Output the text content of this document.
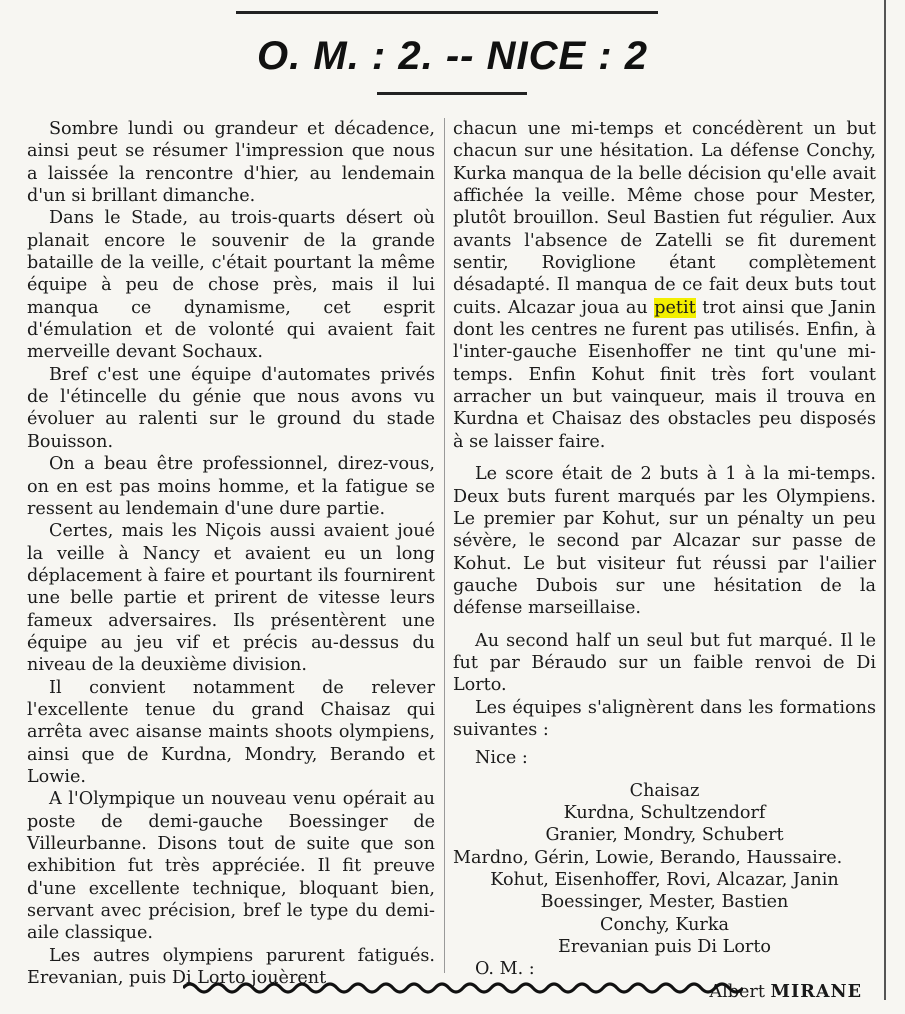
O. M. : 2. -- NICE : 2

Sombre lundi ou grandeur et décadence, ainsi peut se résumer l'impression que nous a laissée la rencontre d'hier, au lendemain d'un si brillant dimanche.

Dans le Stade, au trois-quarts désert où planait encore le souvenir de la grande bataille de la veille, c'était pourtant la même équipe à peu de chose près, mais il lui manqua ce dynamisme, cet esprit d'émulation et de volonté qui avaient fait merveille devant Sochaux.

Bref c'est une équipe d'automates privés de l'étincelle du génie que nous avons vu évoluer au ralenti sur le ground du stade Bouisson.

On a beau être professionnel, direz-vous, on en est pas moins homme, et la fatigue se ressent au lendemain d'une dure partie.

Certes, mais les Niçois aussi avaient joué la veille à Nancy et avaient eu un long déplacement à faire et pourtant ils fournirent une belle partie et prirent de vitesse leurs fameux adversaires. Ils présentèrent une équipe au jeu vif et précis au-dessus du niveau de la deuxième division.

Il convient notamment de relever l'excellente tenue du grand Chaisaz qui arrêta avec aisanse maints shoots olympiens, ainsi que de Kurdna, Mondry, Berando et Lowie.

A l'Olympique un nouveau venu opérait au poste de demi-gauche Boessinger de Villeurbanne. Disons tout de suite que son exhibition fut très appréciée. Il fit preuve d'une excellente technique, bloquant bien, servant avec précision, bref le type du demi-aile classique.

Les autres olympiens parurent fatigués. Erevanian, puis Di Lorto jouèrent

chacun une mi-temps et concédèrent un but chacun sur une hésitation. La défense Conchy, Kurka manqua de la belle décision qu'elle avait affichée la veille. Même chose pour Mester, plutôt brouillon. Seul Bastien fut régulier. Aux avants l'absence de Zatelli se fit durement sentir, Roviglione étant complètement désadapté. Il manqua de ce fait deux buts tout cuits. Alcazar joua au petit trot ainsi que Janin dont les centres ne furent pas utilisés. Enfin, à l'inter-gauche Eisenhoffer ne tint qu'une mi-temps. Enfin Kohut finit très fort voulant arracher un but vainqueur, mais il trouva en Kurdna et Chaisaz des obstacles peu disposés à se laisser faire.

Le score était de 2 buts à 1 à la mi-temps. Deux buts furent marqués par les Olympiens. Le premier par Kohut, sur un pénalty un peu sévère, le second par Alcazar sur passe de Kohut. Le but visiteur fut réussi par l'ailier gauche Dubois sur une hésitation de la défense marseillaise.

Au second half un seul but fut marqué. Il le fut par Béraudo sur un faible renvoi de Di Lorto.

Les équipes s'alignèrent dans les formations suivantes :

Nice :

Chaisaz

Kurdna, Schultzendorf

Granier, Mondry, Schubert

Mardno, Gérin, Lowie, Berando, Haussaire.

Kohut, Eisenhoffer, Rovi, Alcazar, Janin

Boessinger, Mester, Bastien

Conchy, Kurka

Erevanian puis Di Lorto

O. M. :

Albert MIRANE
